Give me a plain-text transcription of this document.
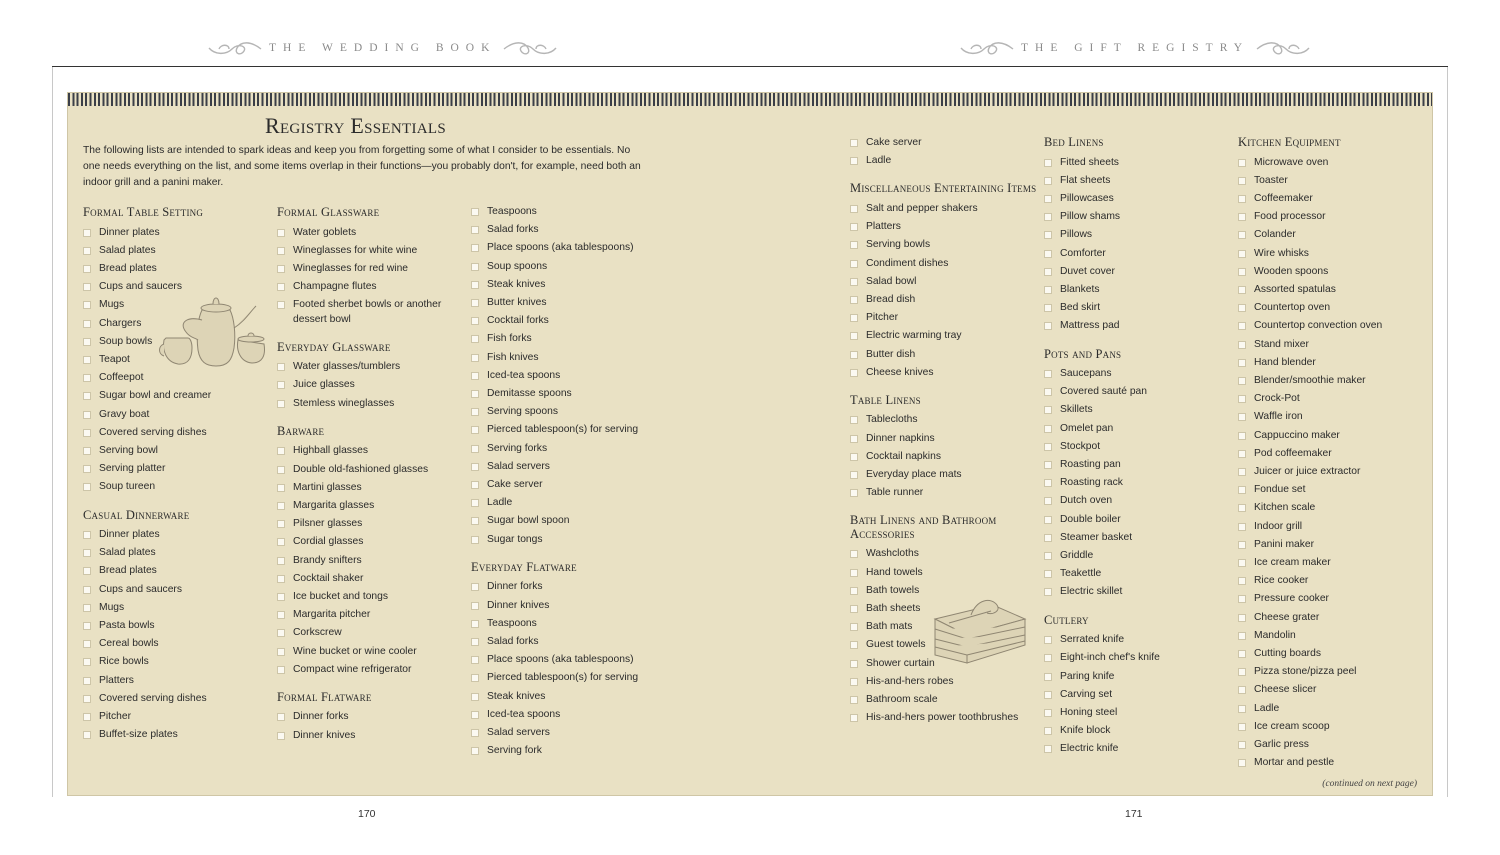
THE WEDDING BOOK	THE GIFT REGISTRY
Registry Essentials

The following lists are intended to spark ideas and keep you from forgetting some of what I consider to be essentials. No one needs everything on the list, and some items overlap in their functions—you probably don't, for example, need both an indoor grill and a panini maker.

Formal Table Setting
Dinner plates
Salad plates
Bread plates
Cups and saucers
Mugs
Chargers
Soup bowls
Teapot
Coffeepot
Sugar bowl and creamer
Gravy boat
Covered serving dishes
Serving bowl
Serving platter
Soup tureen
Casual Dinnerware
Dinner plates
Salad plates
Bread plates
Cups and saucers
Mugs
Pasta bowls
Cereal bowls
Rice bowls
Platters
Covered serving dishes
Pitcher
Buffet-size plates
Formal Glassware
Water goblets
Wineglasses for white wine
Wineglasses for red wine
Champagne flutes
Footed sherbet bowls or another dessert bowl
Everyday Glassware
Water glasses/tumblers
Juice glasses
Stemless wineglasses
Barware
Highball glasses
Double old-fashioned glasses
Martini glasses
Margarita glasses
Pilsner glasses
Cordial glasses
Brandy snifters
Cocktail shaker
Ice bucket and tongs
Margarita pitcher
Corkscrew
Wine bucket or wine cooler
Compact wine refrigerator
Formal Flatware
Dinner forks
Dinner knives
Teaspoons
Salad forks
Place spoons (aka tablespoons)
Soup spoons
Steak knives
Butter knives
Cocktail forks
Fish forks
Fish knives
Iced-tea spoons
Demitasse spoons
Serving spoons
Pierced tablespoon(s) for serving
Serving forks
Salad servers
Cake server
Ladle
Sugar bowl spoon
Sugar tongs
Everyday Flatware
Dinner forks
Dinner knives
Teaspoons
Salad forks
Place spoons (aka tablespoons)
Pierced tablespoon(s) for serving
Steak knives
Iced-tea spoons
Salad servers
Serving fork
Cake server
Ladle
Miscellaneous Entertaining Items
Salt and pepper shakers
Platters
Serving bowls
Condiment dishes
Salad bowl
Bread dish
Pitcher
Electric warming tray
Butter dish
Cheese knives
Table Linens
Tablecloths
Dinner napkins
Cocktail napkins
Everyday place mats
Table runner
Bath Linens and Bathroom Accessories
Washcloths
Hand towels
Bath towels
Bath sheets
Bath mats
Guest towels
Shower curtain
His-and-hers robes
Bathroom scale
His-and-hers power toothbrushes
Bed Linens
Fitted sheets
Flat sheets
Pillowcases
Pillow shams
Pillows
Comforter
Duvet cover
Blankets
Bed skirt
Mattress pad
Pots and Pans
Saucepans
Covered sauté pan
Skillets
Omelet pan
Stockpot
Roasting pan
Roasting rack
Dutch oven
Double boiler
Steamer basket
Griddle
Teakettle
Electric skillet
Cutlery
Serrated knife
Eight-inch chef's knife
Paring knife
Carving set
Honing steel
Knife block
Electric knife
Kitchen Equipment
Microwave oven
Toaster
Coffeemaker
Food processor
Colander
Wire whisks
Wooden spoons
Assorted spatulas
Countertop oven
Countertop convection oven
Stand mixer
Hand blender
Blender/smoothie maker
Crock-Pot
Waffle iron
Cappuccino maker
Pod coffeemaker
Juicer or juice extractor
Fondue set
Kitchen scale
Indoor grill
Panini maker
Ice cream maker
Rice cooker
Pressure cooker
Cheese grater
Mandolin
Cutting boards
Pizza stone/pizza peel
Cheese slicer
Ladle
Ice cream scoop
Garlic press
Mortar and pestle
(continued on next page)
170	171
